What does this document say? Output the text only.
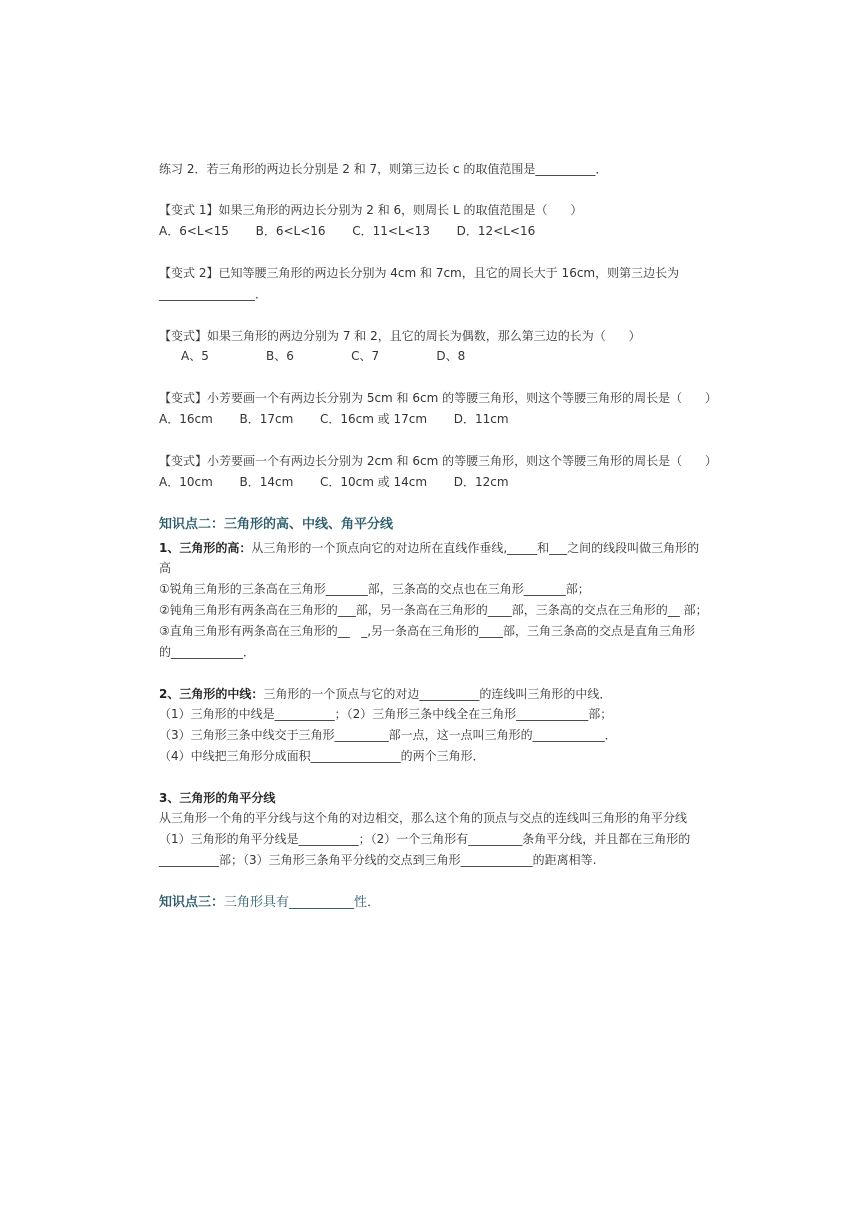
练习 2．若三角形的两边长分别是 2 和 7，则第三边长 c 的取值范围是__________．
【变式 1】如果三角形的两边长分别为 2 和 6，则周长 L 的取值范围是（      ）
A．6<L<15       B．6<L<16       C．11<L<13       D．12<L<16
【变式 2】已知等腰三角形的两边长分别为 4cm 和 7cm，且它的周长大于 16cm，则第三边长为
________________．
【变式】如果三角形的两边分别为 7 和 2，且它的周长为偶数，那么第三边的长为（      ）
A、5               B、6               C、7               D、8
【变式】小芳要画一个有两边长分别为 5cm 和 6cm 的等腰三角形，则这个等腰三角形的周长是（      ）
A．16cm       B．17cm       C．16cm 或 17cm       D．11cm
【变式】小芳要画一个有两边长分别为 2cm 和 6cm 的等腰三角形，则这个等腰三角形的周长是（      ）
A．10cm       B．14cm       C．10cm 或 14cm       D．12cm
知识点二：三角形的高、中线、角平分线
1、三角形的高：从三角形的一个顶点向它的对边所在直线作垂线,_____和___之间的线段叫做三角形的
高
①锐角三角形的三条高在三角形_______部，三条高的交点也在三角形_______部；
②钝角三角形有两条高在三角形的___部，另一条高在三角形的____部，三条高的交点在三角形的__ 部；
③直角三角形有两条高在三角形的__   _,另一条高在三角形的____部，三角三条高的交点是直角三角形
的____________．
2、三角形的中线：三角形的一个顶点与它的对边__________的连线叫三角形的中线．
（1）三角形的中线是__________；（2）三角形三条中线全在三角形____________部；
（3）三角形三条中线交于三角形_________部一点，这一点叫三角形的____________．
（4）中线把三角形分成面积_______________的两个三角形．
3、三角形的角平分线
从三角形一个角的平分线与这个角的对边相交，那么这个角的顶点与交点的连线叫三角形的角平分线
（1）三角形的角平分线是__________；（2）一个三角形有_________条角平分线，并且都在三角形的
__________部；（3）三角形三条角平分线的交点到三角形____________的距离相等.
知识点三：三角形具有__________性．
